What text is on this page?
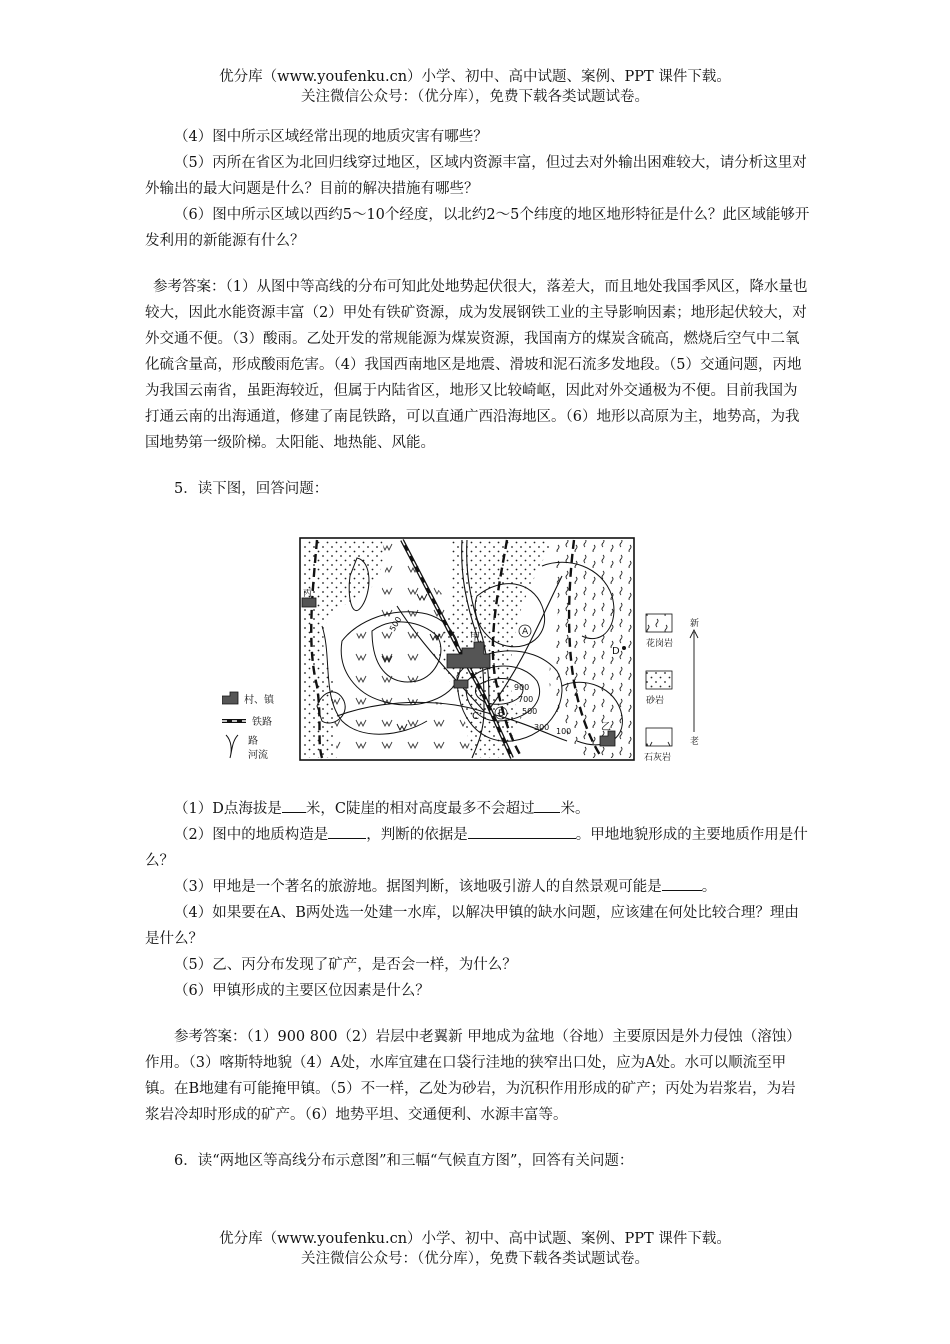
优分库（www.youfenku.cn）小学、初中、高中试题、案例、PPT 课件下载。
关注微信公众号：（优分库），免费下载各类试题试卷。

（4）图中所示区域经常出现的地质灾害有哪些？

（5）丙所在省区为北回归线穿过地区，区域内资源丰富，但过去对外输出困难较大，请分析这里对外输出的最大问题是什么？目前的解决措施有哪些？

（6）图中所示区域以西约5～10个经度，以北约2～5个纬度的地区地形特征是什么？此区域能够开发利用的新能源有什么？

参考答案：（1）从图中等高线的分布可知此处地势起伏很大，落差大，而且地处我国季风区，降水量也较大，因此水能资源丰富（2）甲处有铁矿资源，成为发展钢铁工业的主导影响因素；地形起伏较大，对外交通不便。（3）酸雨。乙处开发的常规能源为煤炭资源，我国南方的煤炭含硫高，燃烧后空气中二氧化硫含量高，形成酸雨危害。（4）我国西南地区是地震、滑坡和泥石流多发地段。（5）交通问题，丙地为我国云南省，虽距海较近，但属于内陆省区，地形又比较崎岖，因此对外交通极为不便。目前我国为打通云南的出海通道，修建了南昆铁路，可以直通广西沿海地区。（6）地形以高原为主，地势高，为我国地势第一级阶梯。太阳能、地热能、风能。

5．读下图，回答问题：

丙
甲
乙
A
B
C
D
500
900
700
500
300 100
村、镇
铁路
路
河流
花岗岩
砂岩
石灰岩
新
老

（1）D点海拔是 米，C陡崖的相对高度最多不会超过 米。

（2）图中的地质构造是	，判断的依据是	。甲地地貌形成的主要地质作用是什么？

（3）甲地是一个著名的旅游地。据图判断，该地吸引游人的自然景观可能是	。

（4）如果要在A、B两处选一处建一水库，以解决甲镇的缺水问题，应该建在何处比较合理？理由是什么？

（5）乙、丙分布发现了矿产，是否会一样，为什么？

（6）甲镇形成的主要区位因素是什么？

参考答案：（1）900 800（2）岩层中老翼新 甲地成为盆地（谷地）主要原因是外力侵蚀（溶蚀）作用。（3）喀斯特地貌（4）A处，水库宜建在口袋行洼地的狭窄出口处，应为A处。水可以顺流至甲镇。在B地建有可能掩甲镇。（5）不一样，乙处为砂岩，为沉积作用形成的矿产；丙处为岩浆岩，为岩浆岩冷却时形成的矿产。（6）地势平坦、交通便利、水源丰富等。

6．读“两地区等高线分布示意图”和三幅“气候直方图”，回答有关问题：

优分库（www.youfenku.cn）小学、初中、高中试题、案例、PPT 课件下载。
关注微信公众号：（优分库），免费下载各类试题试卷。
